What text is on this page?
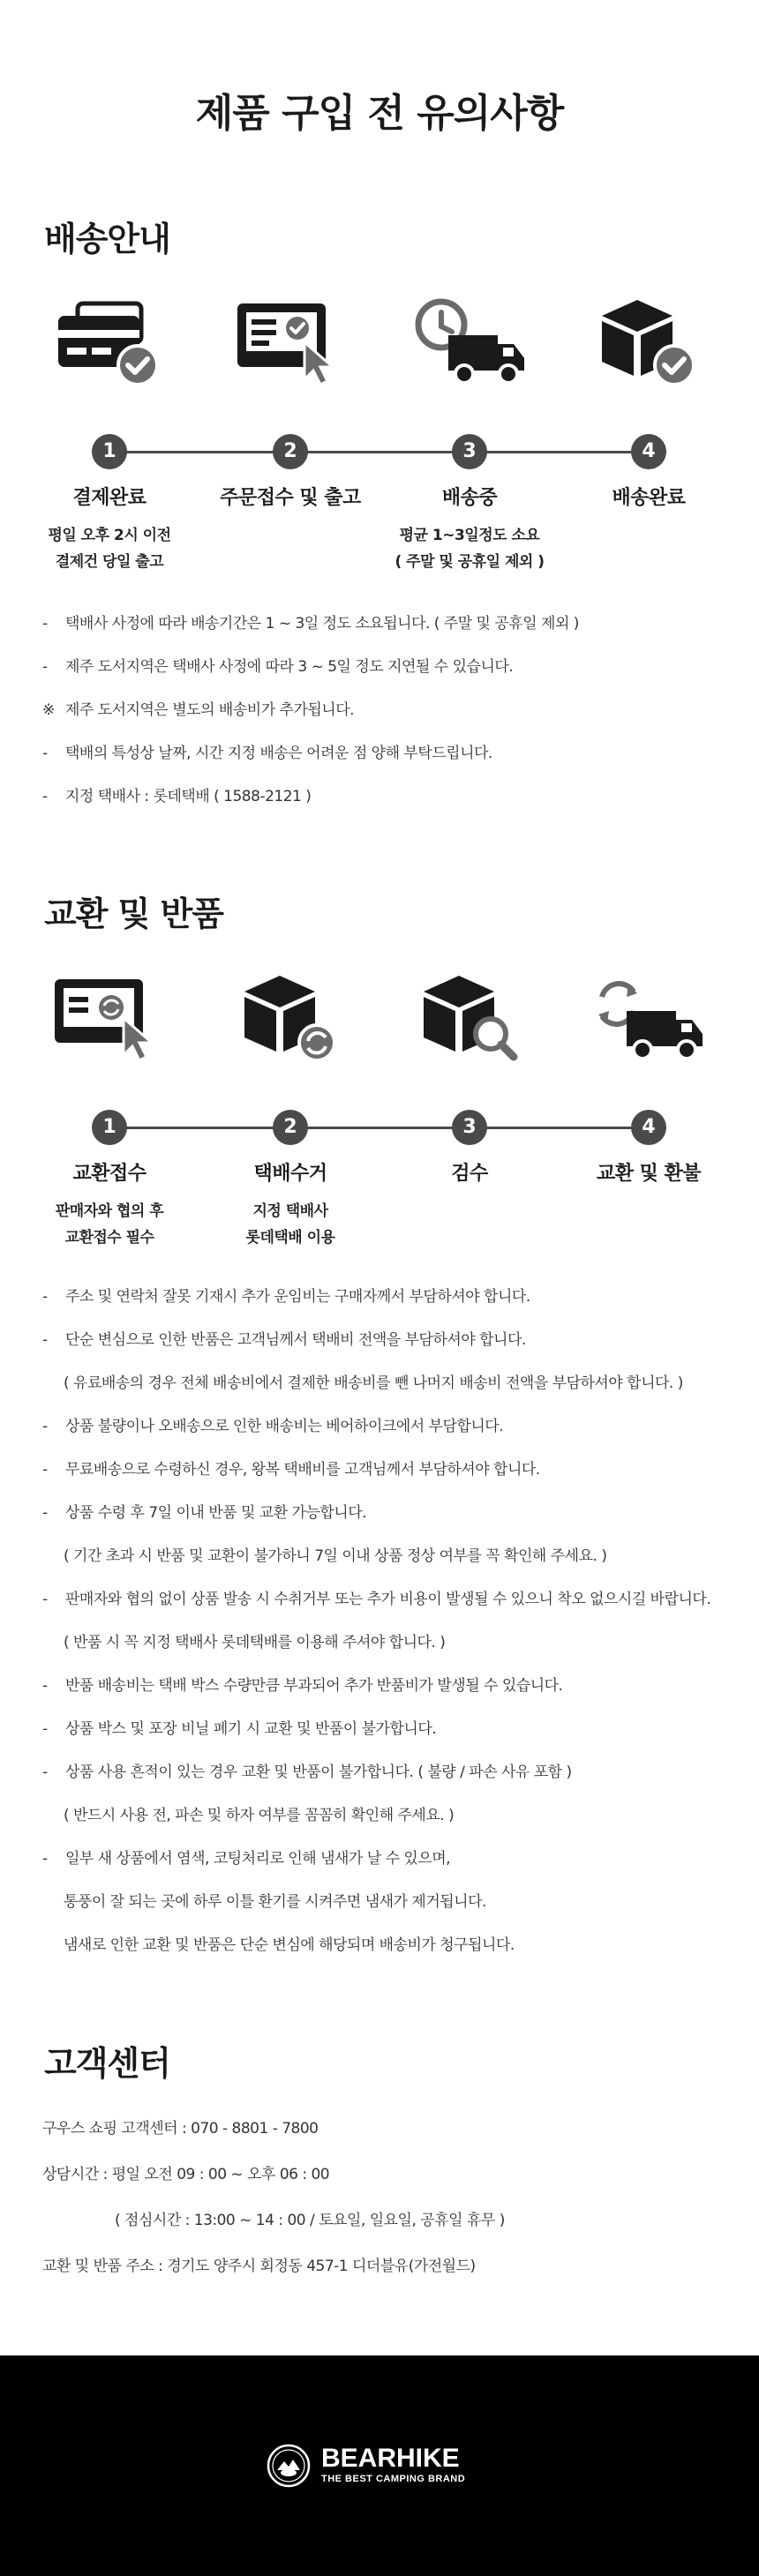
제품 구입 전 유의사항
배송안내
1	2	3	4
결제완료	주문접수 및 출고	배송중	배송완료
평일 오후 2시 이전
결제건 당일 출고
평균 1~3일정도 소요
( 주말 및 공휴일 제외 )
- 택배사 사정에 따라 배송기간은 1 ~ 3일 정도 소요됩니다. ( 주말 및 공휴일 제외 )
- 제주 도서지역은 택배사 사정에 따라 3 ~ 5일 정도 지연될 수 있습니다.
※ 제주 도서지역은 별도의 배송비가 추가됩니다.
- 택배의 특성상 날짜, 시간 지정 배송은 어려운 점 양해 부탁드립니다.
- 지정 택배사 : 롯데택배 ( 1588-2121 )
교환 및 반품
1	2	3	4
교환접수	택배수거	검수	교환 및 환불
판매자와 협의 후
교환접수 필수
지정 택배사
롯데택배 이용
- 주소 및 연락처 잘못 기재시 추가 운임비는 구매자께서 부담하셔야 합니다.
- 단순 변심으로 인한 반품은 고객님께서 택배비 전액을 부담하셔야 합니다.
( 유료배송의 경우 전체 배송비에서 결제한 배송비를 뺀 나머지 배송비 전액을 부담하셔야 합니다. )
- 상품 불량이나 오배송으로 인한 배송비는 베어하이크에서 부담합니다.
- 무료배송으로 수령하신 경우, 왕복 택배비를 고객님께서 부담하셔야 합니다.
- 상품 수령 후 7일 이내 반품 및 교환 가능합니다.
( 기간 초과 시 반품 및 교환이 불가하니 7일 이내 상품 정상 여부를 꼭 확인해 주세요. )
- 판매자와 협의 없이 상품 발송 시 수취거부 또는 추가 비용이 발생될 수 있으니 착오 없으시길 바랍니다.
( 반품 시 꼭 지정 택배사 롯데택배를 이용해 주셔야 합니다. )
- 반품 배송비는 택배 박스 수량만큼 부과되어 추가 반품비가 발생될 수 있습니다.
- 상품 박스 및 포장 비닐 폐기 시 교환 및 반품이 불가합니다.
- 상품 사용 흔적이 있는 경우 교환 및 반품이 불가합니다. ( 불량 / 파손 사유 포함 )
( 반드시 사용 전, 파손 및 하자 여부를 꼼꼼히 확인해 주세요. )
- 일부 새 상품에서 염색, 코팅처리로 인해 냄새가 날 수 있으며,
통풍이 잘 되는 곳에 하루 이틀 환기를 시켜주면 냄새가 제거됩니다.
냄새로 인한 교환 및 반품은 단순 변심에 해당되며 배송비가 청구됩니다.
고객센터
구우스 쇼핑 고객센터 : 070 - 8801 - 7800
상담시간 : 평일 오전 09 : 00 ~ 오후 06 : 00
( 점심시간 : 13:00 ~ 14 : 00 / 토요일, 일요일, 공휴일 휴무 )
교환 및 반품 주소 : 경기도 양주시 회정동 457-1 디더블유(가전월드)
BEARHIKE
THE BEST CAMPING BRAND
